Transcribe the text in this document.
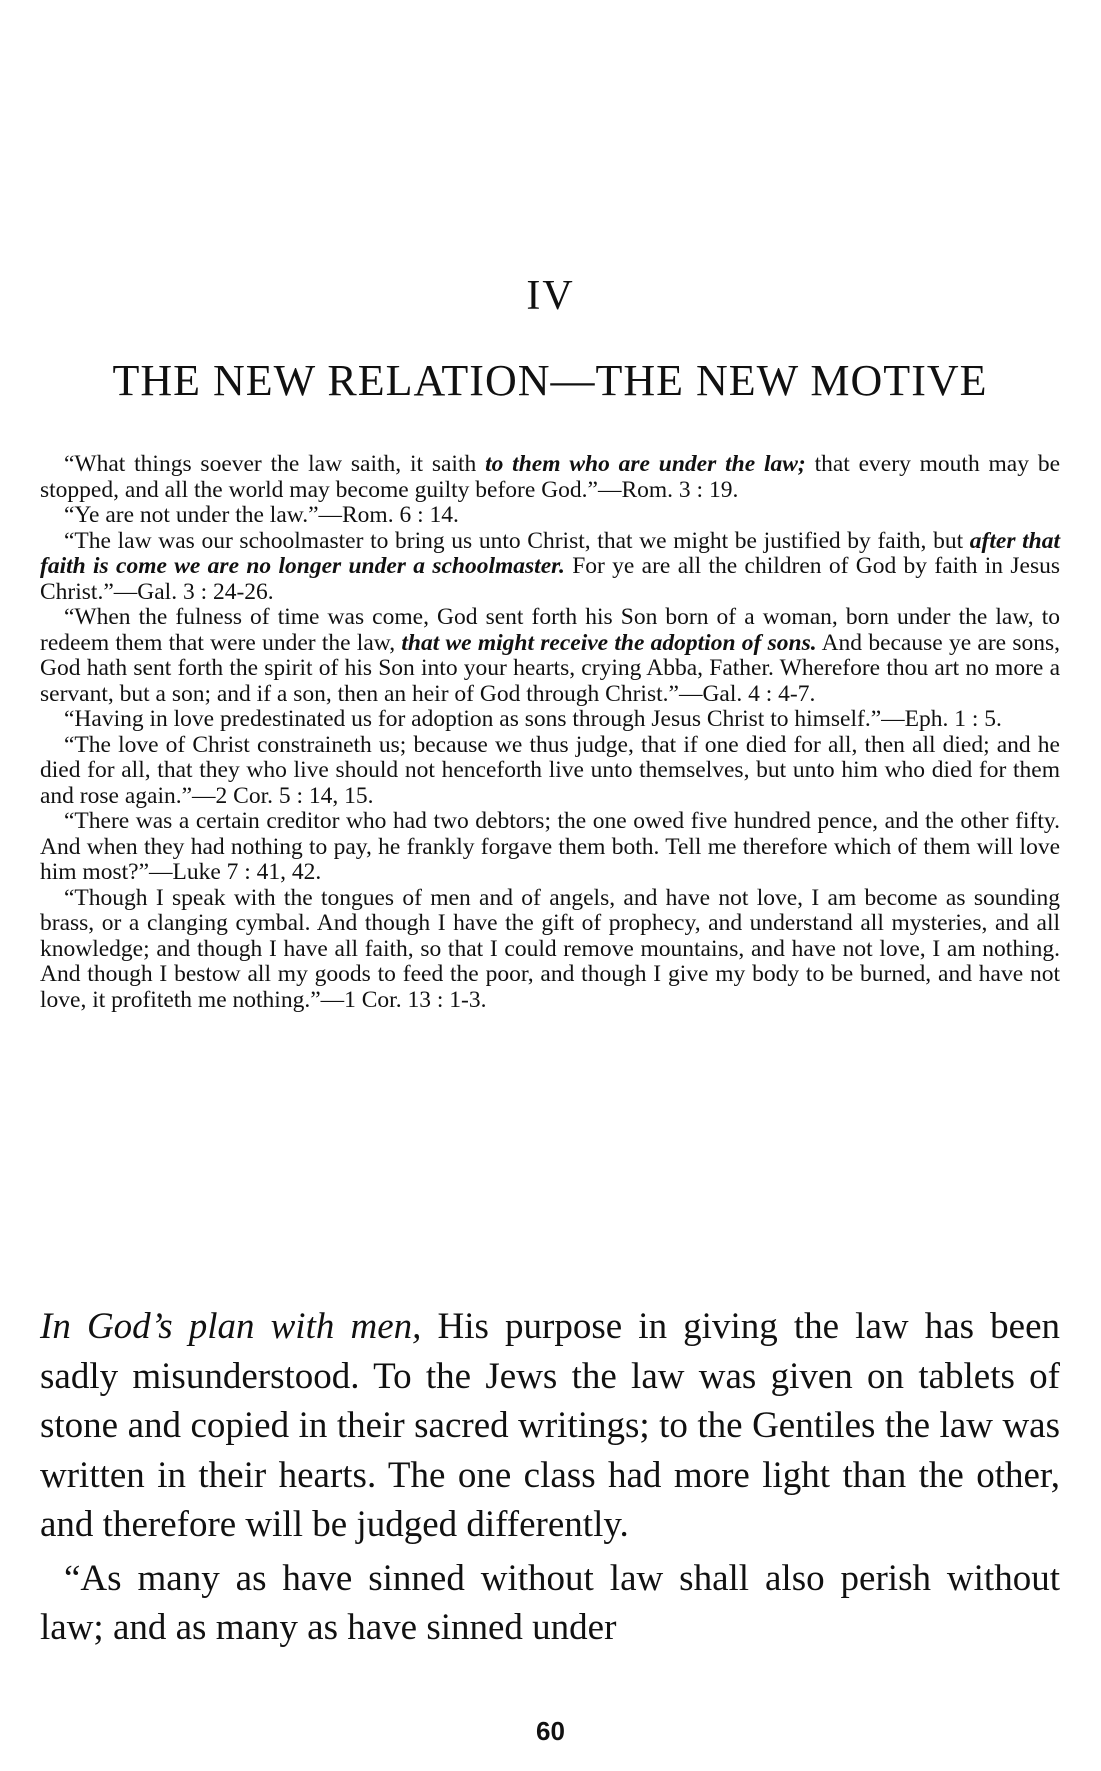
IV
THE NEW RELATION—THE NEW MOTIVE

“What things soever the law saith, it saith to them who are under the law; that every mouth may be stopped, and all the world may become guilty before God.”—Rom. 3 : 19.

“Ye are not under the law.”—Rom. 6 : 14.

“The law was our schoolmaster to bring us unto Christ, that we might be justified by faith, but after that faith is come we are no longer under a schoolmaster. For ye are all the children of God by faith in Jesus Christ.”—Gal. 3 : 24-26.

“When the fulness of time was come, God sent forth his Son born of a woman, born under the law, to redeem them that were under the law, that we might receive the adoption of sons. And because ye are sons, God hath sent forth the spirit of his Son into your hearts, crying Abba, Father. Wherefore thou art no more a servant, but a son; and if a son, then an heir of God through Christ.”—Gal. 4 : 4-7.

“Having in love predestinated us for adoption as sons through Jesus Christ to himself.”—Eph. 1 : 5.

“The love of Christ constraineth us; because we thus judge, that if one died for all, then all died; and he died for all, that they who live should not henceforth live unto themselves, but unto him who died for them and rose again.”—2 Cor. 5 : 14, 15.

“There was a certain creditor who had two debtors; the one owed five hundred pence, and the other fifty. And when they had nothing to pay, he frankly forgave them both. Tell me therefore which of them will love him most?”—Luke 7 : 41, 42.

“Though I speak with the tongues of men and of angels, and have not love, I am become as sounding brass, or a clanging cymbal. And though I have the gift of prophecy, and understand all mysteries, and all knowledge; and though I have all faith, so that I could remove mountains, and have not love, I am nothing. And though I bestow all my goods to feed the poor, and though I give my body to be burned, and have not love, it profiteth me nothing.”—1 Cor. 13 : 1-3.

In God’s plan with men, His purpose in giving the law has been sadly misunderstood. To the Jews the law was given on tablets of stone and copied in their sacred writings; to the Gentiles the law was written in their hearts. The one class had more light than the other, and therefore will be judged differently.

“As many as have sinned without law shall also perish without law; and as many as have sinned under

60
